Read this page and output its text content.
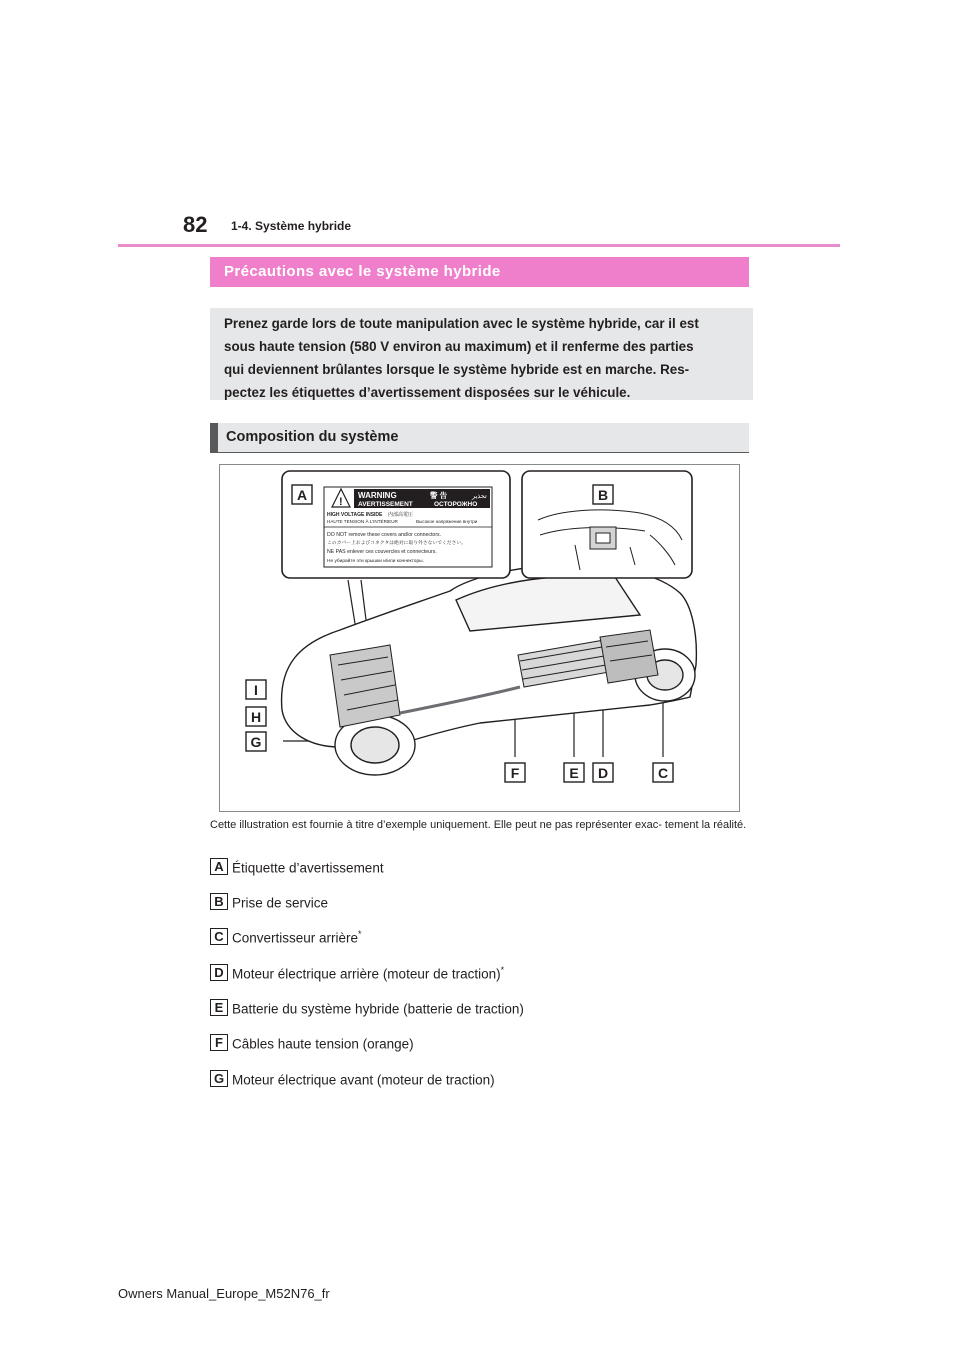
82 1-4. Système hybride
Précautions avec le système hybride
Prenez garde lors de toute manipulation avec le système hybride, car il est
sous haute tension (580 V environ au maximum) et il renferme des parties
qui deviennent brûlantes lorsque le système hybride est en marche. Res-
pectez les étiquettes d’avertissement disposées sur le véhicule.
Composition du système
!
WARNING	警 告	تحذير
AVERTISSEMENT	ОСТОРОЖНО
HIGH VOLTAGE INSIDE 内部高電圧
HAUTE TENSION À L’INTÉRIEUR	Высокое напряжение внутри
DO NOT remove these covers and/or connectors.
このカバー上およびコネクタは絶対に取り外さないでください。
NE PAS enlever ces couvercles et connecteurs.
Не убирайте эти крышки и/или коннекторы.
A	B
I
H
G
F	E D	C
Cette illustration est fournie à titre d’exemple uniquement. Elle peut ne pas représenter exac- tement la réalité.
A Étiquette d’avertissement
B Prise de service
C Convertisseur arrière*
D Moteur électrique arrière (moteur de traction)*
E Batterie du système hybride (batterie de traction)
F Câbles haute tension (orange)
G Moteur électrique avant (moteur de traction)
Owners Manual_Europe_M52N76_fr
